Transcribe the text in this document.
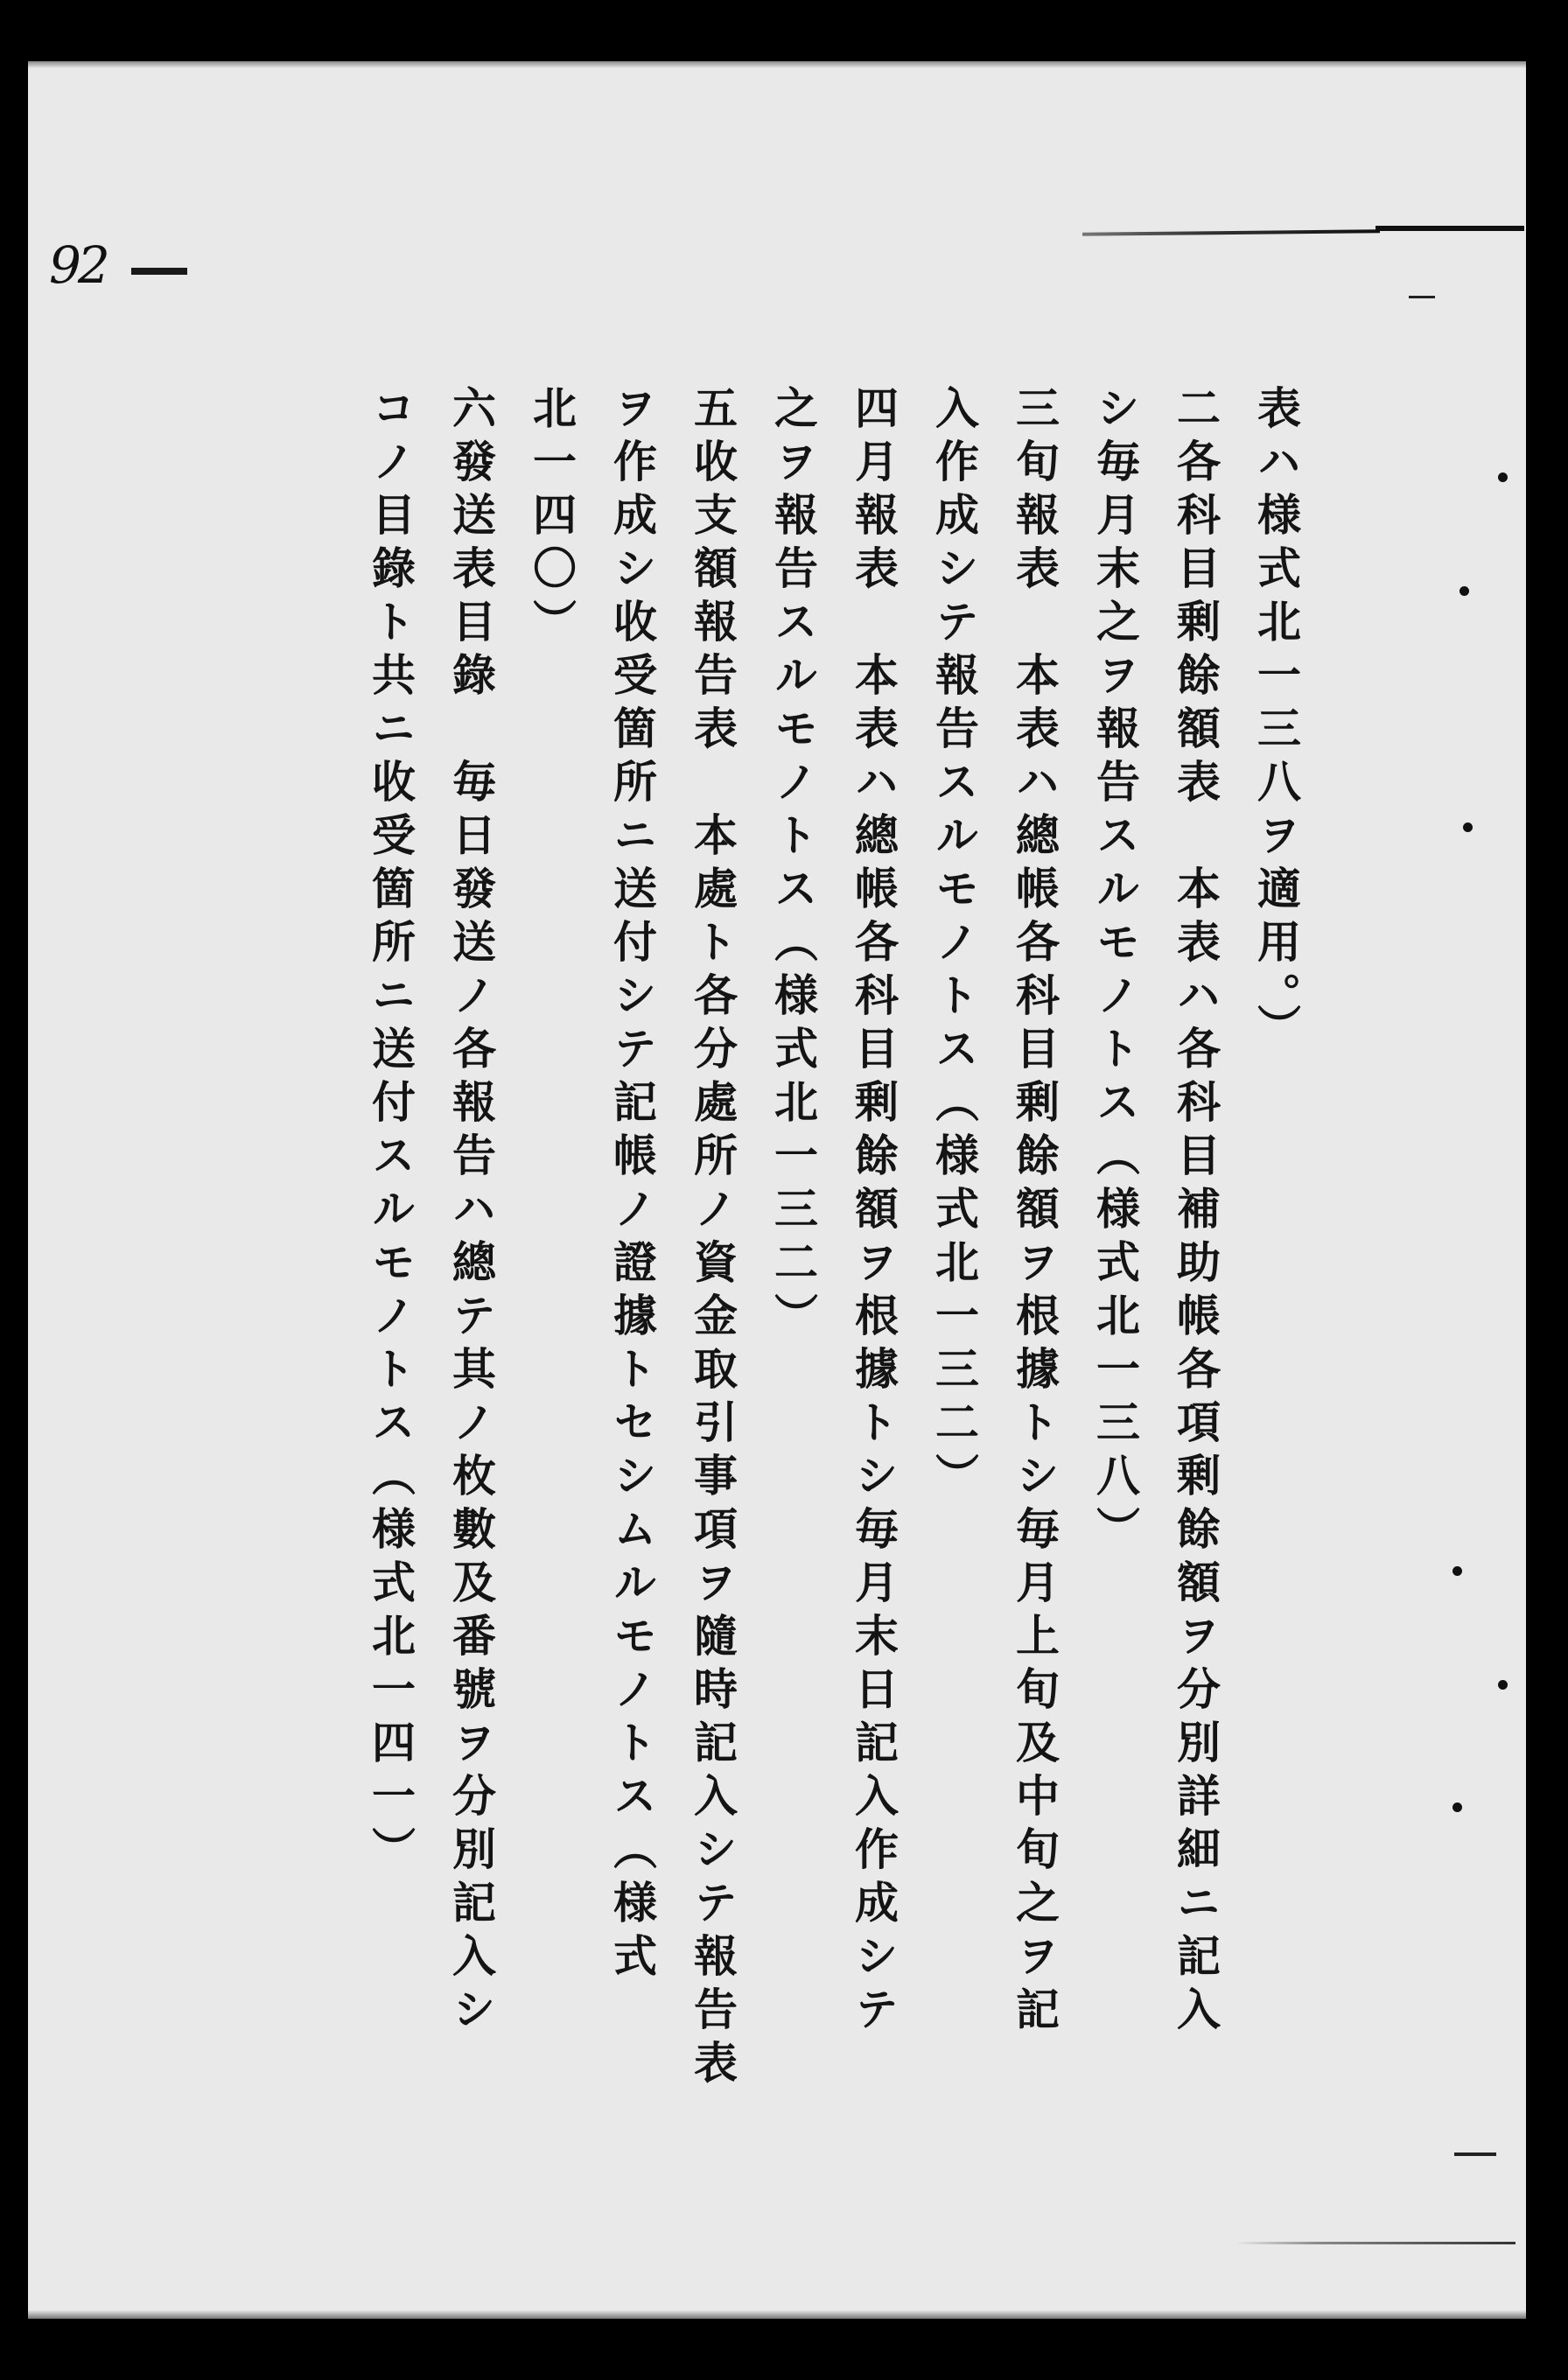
92
表ハ様式北一三八ヲ適用。）
二各科目剰餘額表　本表ハ各科目補助帳各項剰餘額ヲ分別詳細ニ記入
シ毎月末之ヲ報告スルモノトス（様式北一三八）
三旬報表　本表ハ總帳各科目剰餘額ヲ根據トシ毎月上旬及中旬之ヲ記
入作成シテ報告スルモノトス（様式北一三二）
四月報表　本表ハ總帳各科目剰餘額ヲ根據トシ毎月末日記入作成シテ
之ヲ報告スルモノトス（様式北一三二）
五收支額報告表　本處ト各分處所ノ資金取引事項ヲ隨時記入シテ報告表
ヲ作成シ收受箇所ニ送付シテ記帳ノ證據トセシムルモノトス（様式
北一四〇）
六發送表目錄　毎日發送ノ各報告ハ總テ其ノ枚數及番號ヲ分別記入シ
コノ目錄ト共ニ收受箇所ニ送付スルモノトス（様式北一四一）
